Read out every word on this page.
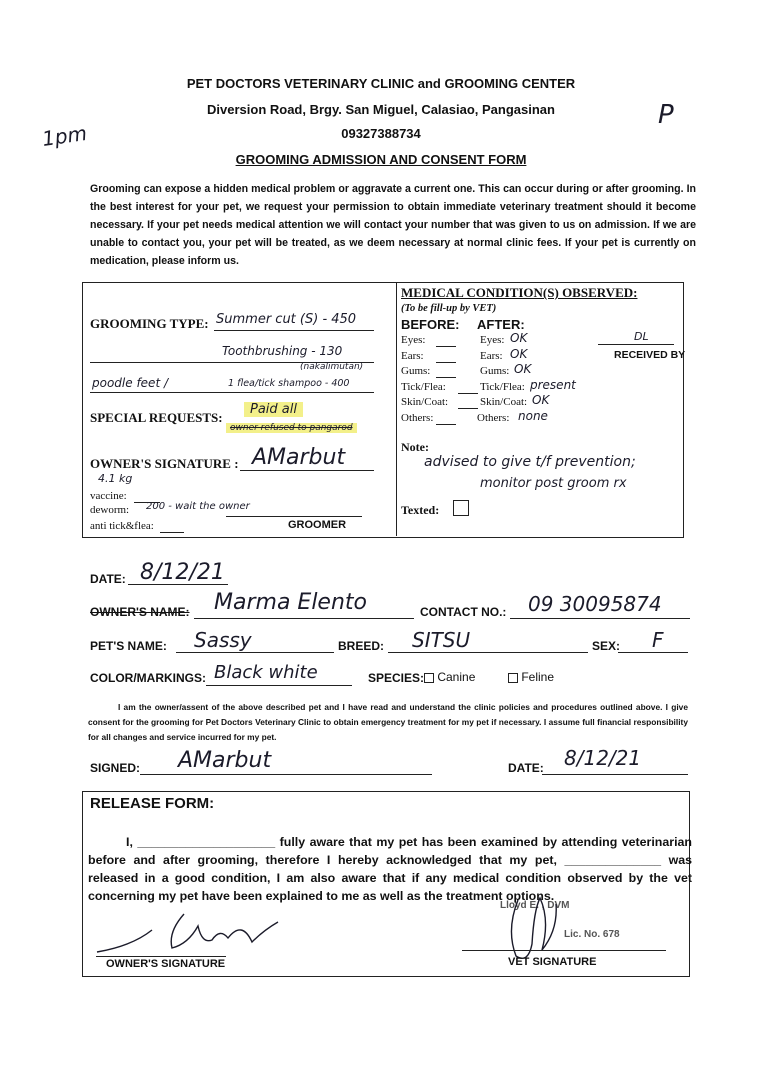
1pm
P
PET DOCTORS VETERINARY CLINIC and GROOMING CENTER
Diversion Road, Brgy. San Miguel, Calasiao, Pangasinan
09327388734
GROOMING ADMISSION AND CONSENT FORM
Grooming can expose a hidden medical problem or aggravate a current one. This can occur during or after grooming. In the best interest for your pet, we request your permission to obtain immediate veterinary treatment should it become necessary. If your pet needs medical attention we will contact your number that was given to us on admission. If we are unable to contact you, your pet will be treated, as we deem necessary at normal clinic fees. If your pet is currently on medication, please inform us.
GROOMING TYPE: Summer cut (S) - 450
Toothbrushing - 130
(nakalimutan)
poodle feet /	1 flea/tick shampoo - 400
SPECIAL REQUESTS:
Paid all
owner refused to pangarod
OWNER'S SIGNATURE : AMarbut
4.1 kg
vaccine:
deworm: 200 - wait the owner
anti tick&flea:	GROOMER
MEDICAL CONDITION(S) OBSERVED:
(To be fill-up by VET)
BEFORE: AFTER:
Eyes:	Eyes: OK
Ears:	Ears: OK
Gums:	Gums: OK
Tick/Flea:	Tick/Flea: present
Skin/Coat:	Skin/Coat: OK
Others:	Others: none
DL
RECEIVED BY
Note:
advised to give t/f prevention;
monitor post groom rx
Texted:
DATE: 8/12/21
OWNER'S NAME: Marma Elento	CONTACT NO.: 09 30095874
PET'S NAME: Sassy	BREED: SITSU	SEX: F
COLOR/MARKINGS: Black white	SPECIES:	Canine	Feline
I am the owner/assent of the above described pet and I have read and understand the clinic policies and procedures outlined above. I give consent for the grooming for Pet Doctors Veterinary Clinic to obtain emergency treatment for my pet if necessary. I assume full financial responsibility for all changes and service incurred for my pet.
SIGNED: AMarbut	DATE: 8/12/21
RELEASE FORM:
I, ____________________ fully aware that my pet has been examined by attending veterinarian before and after grooming, therefore I hereby acknowledged that my pet, ______________ was released in a good condition, I am also aware that if any medical condition observed by the vet concerning my pet have been explained to me as well as the treatment options.
OWNER'S SIGNATURE
Lloyd E. , DVM
Lic. No. 678
VET SIGNATURE
